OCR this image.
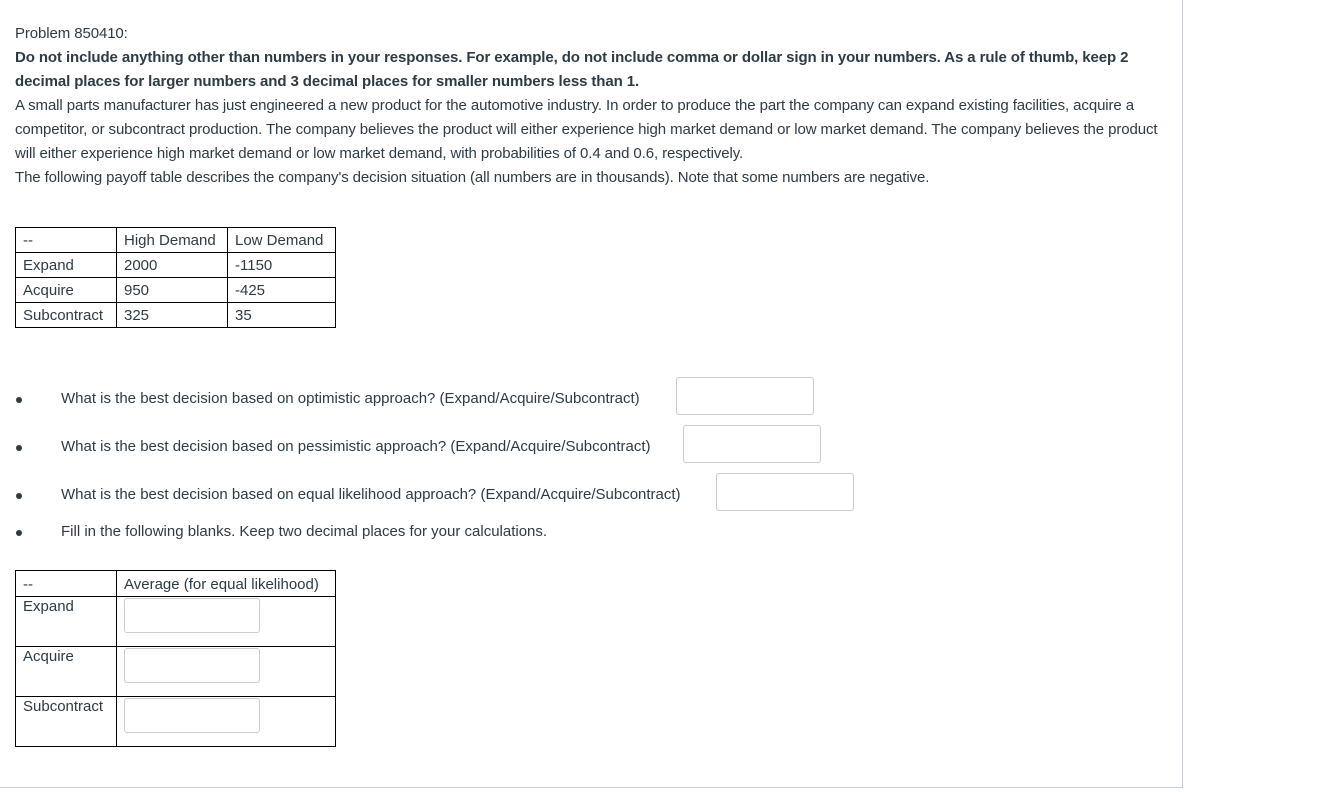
Problem 850410:
Do not include anything other than numbers in your responses. For example, do not include comma or dollar sign in your numbers. As a rule of thumb, keep 2 decimal places for larger numbers and 3 decimal places for smaller numbers less than 1.
A small parts manufacturer has just engineered a new product for the automotive industry. In order to produce the part the company can expand existing facilities, acquire a competitor, or subcontract production. The company believes the product will either experience high market demand or low market demand. The company believes the product will either experience high market demand or low market demand, with probabilities of 0.4 and 0.6, respectively.
The following payoff table describes the company's decision situation (all numbers are in thousands). Note that some numbers are negative.
--	High Demand	Low Demand
Expand	2000	-1150
Acquire	950	-425
Subcontract	325	35
What is the best decision based on optimistic approach? (Expand/Acquire/Subcontract)
What is the best decision based on pessimistic approach? (Expand/Acquire/Subcontract)
What is the best decision based on equal likelihood approach? (Expand/Acquire/Subcontract)
Fill in the following blanks. Keep two decimal places for your calculations.
--	Average (for equal likelihood)
Expand	

Acquire	

Subcontract	
